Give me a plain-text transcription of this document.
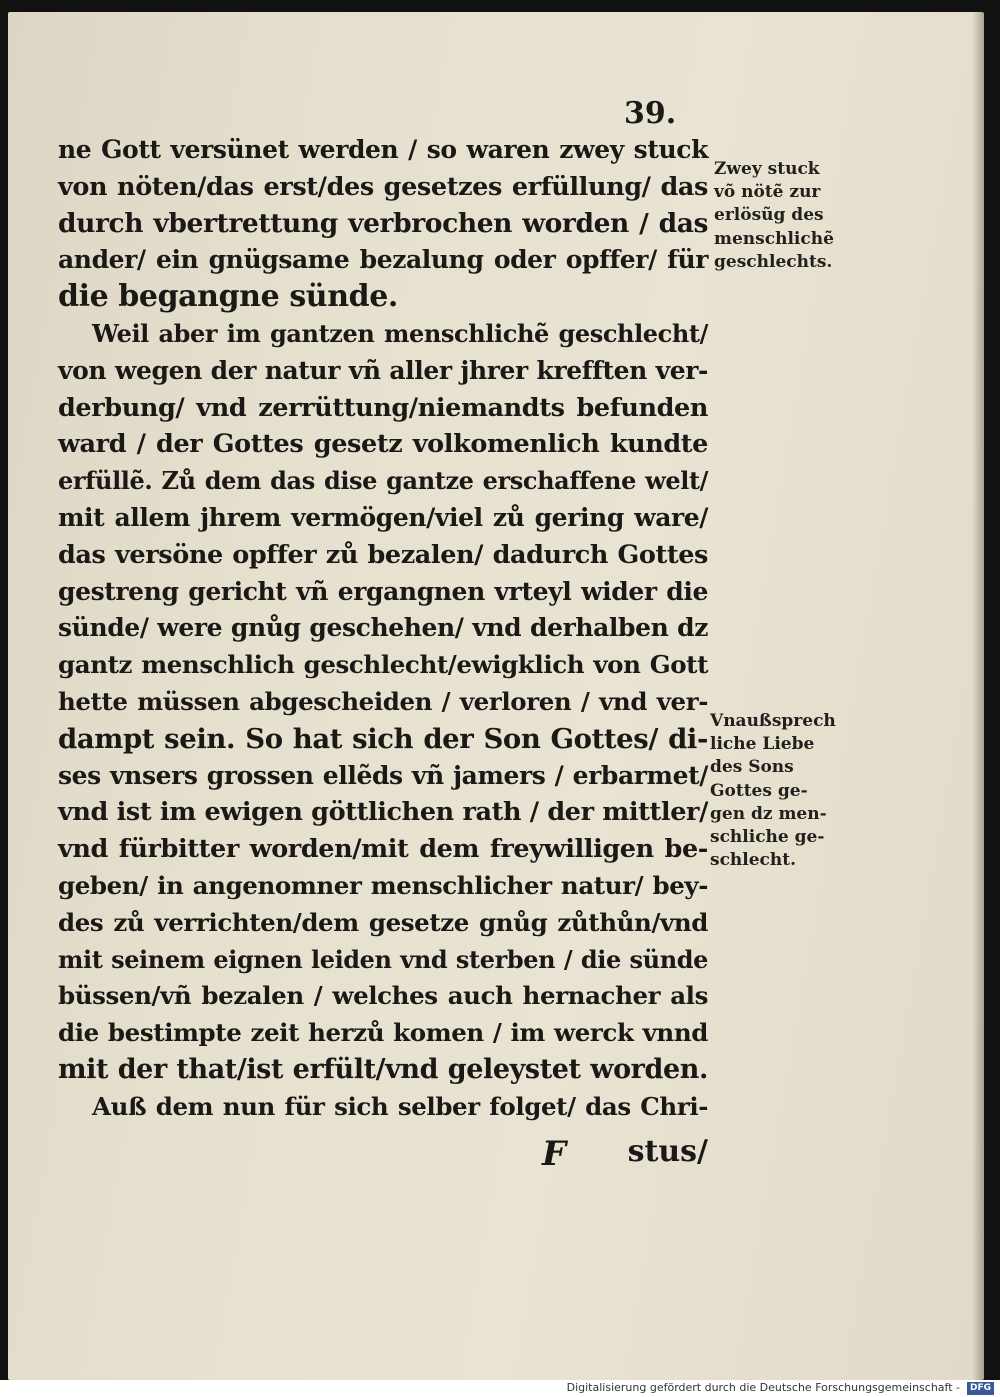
39.
ne Gott versünet werden / so waren zwey stuck
von nöten/das erst/des gesetzes erfüllung/ das
durch vbertrettung verbrochen worden / das
ander/ ein gnügsame bezalung oder opffer/ für
die begangne sünde.
Weil aber im gantzen menschlichẽ geschlecht/
von wegen der natur vñ aller jhrer krefften ver-
derbung/ vnd zerrüttung/niemandts befunden
ward / der Gottes gesetz volkomenlich kundte
erfüllẽ. Zů dem das dise gantze erschaffene welt/
mit allem jhrem vermögen/viel zů gering ware/
das versöne opffer zů bezalen/ dadurch Gottes
gestreng gericht vñ ergangnen vrteyl wider die
sünde/ were gnůg geschehen/ vnd derhalben dz
gantz menschlich geschlecht/ewigklich von Gott
hette müssen abgescheiden / verloren / vnd ver-
dampt sein. So hat sich der Son Gottes/ di-
ses vnsers grossen ellẽds vñ jamers / erbarmet/
vnd ist im ewigen göttlichen rath / der mittler/
vnd fürbitter worden/mit dem freywilligen be-
geben/ in angenomner menschlicher natur/ bey-
des zů verrichten/dem gesetze gnůg zůthůn/vnd
mit seinem eignen leiden vnd sterben / die sünde
büssen/vñ bezalen / welches auch hernacher als
die bestimpte zeit herzů komen / im werck vnnd
mit der that/ist erfült/vnd geleystet worden.
Auß dem nun für sich selber folget/ das Chri-
F stus/
Zwey stuck
võ nötẽ zur
erlösũg des
menschlichẽ
geschlechts.
Vnaußsprech
liche Liebe
des Sons
Gottes ge-
gen dz men-
schliche ge-
schlecht.
Digitalisierung gefördert durch die Deutsche Forschungsgemeinschaft -	DFG
